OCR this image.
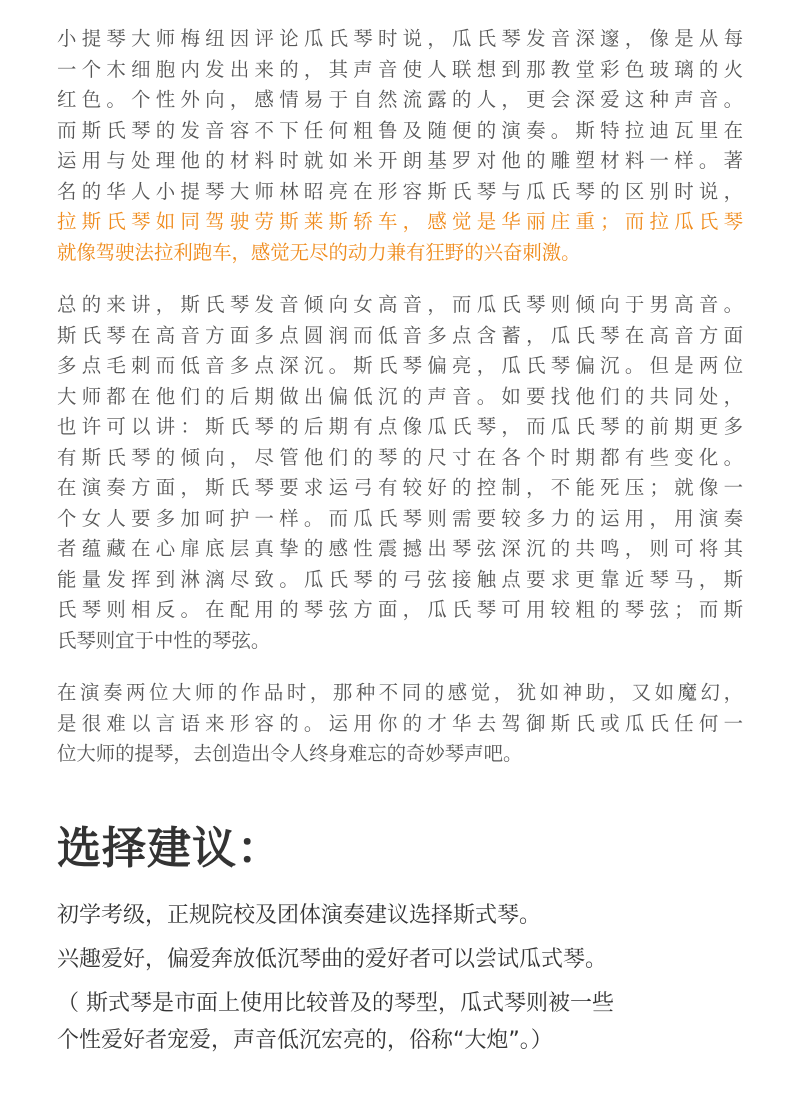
小提琴大师梅纽因评论瓜氏琴时说，瓜氏琴发音深邃，像是从每
一个木细胞内发出来的，其声音使人联想到那教堂彩色玻璃的火
红色。个性外向，感情易于自然流露的人，更会深爱这种声音。
而斯氏琴的发音容不下任何粗鲁及随便的演奏。斯特拉迪瓦里在
运用与处理他的材料时就如米开朗基罗对他的雕塑材料一样。著
名的华人小提琴大师林昭亮在形容斯氏琴与瓜氏琴的区别时说，
拉斯氏琴如同驾驶劳斯莱斯轿车，感觉是华丽庄重；而拉瓜氏琴
就像驾驶法拉利跑车，感觉无尽的动力兼有狂野的兴奋刺激。

总的来讲，斯氏琴发音倾向女高音，而瓜氏琴则倾向于男高音。
斯氏琴在高音方面多点圆润而低音多点含蓄，瓜氏琴在高音方面
多点毛刺而低音多点深沉。斯氏琴偏亮，瓜氏琴偏沉。但是两位
大师都在他们的后期做出偏低沉的声音。如要找他们的共同处，
也许可以讲：斯氏琴的后期有点像瓜氏琴，而瓜氏琴的前期更多
有斯氏琴的倾向，尽管他们的琴的尺寸在各个时期都有些变化。
在演奏方面，斯氏琴要求运弓有较好的控制，不能死压；就像一
个女人要多加呵护一样。而瓜氏琴则需要较多力的运用，用演奏
者蕴藏在心扉底层真挚的感性震撼出琴弦深沉的共鸣，则可将其
能量发挥到淋漓尽致。瓜氏琴的弓弦接触点要求更靠近琴马，斯
氏琴则相反。在配用的琴弦方面，瓜氏琴可用较粗的琴弦；而斯
氏琴则宜于中性的琴弦。

在演奏两位大师的作品时，那种不同的感觉，犹如神助，又如魔幻，
是很难以言语来形容的。运用你的才华去驾御斯氏或瓜氏任何一
位大师的提琴，去创造出令人终身难忘的奇妙琴声吧。

选择建议：

初学考级，正规院校及团体演奏建议选择斯式琴。

兴趣爱好，偏爱奔放低沉琴曲的爱好者可以尝试瓜式琴。

（ 斯式琴是市面上使用比较普及的琴型，瓜式琴则被一些

个性爱好者宠爱，声音低沉宏亮的，俗称“大炮”。）
